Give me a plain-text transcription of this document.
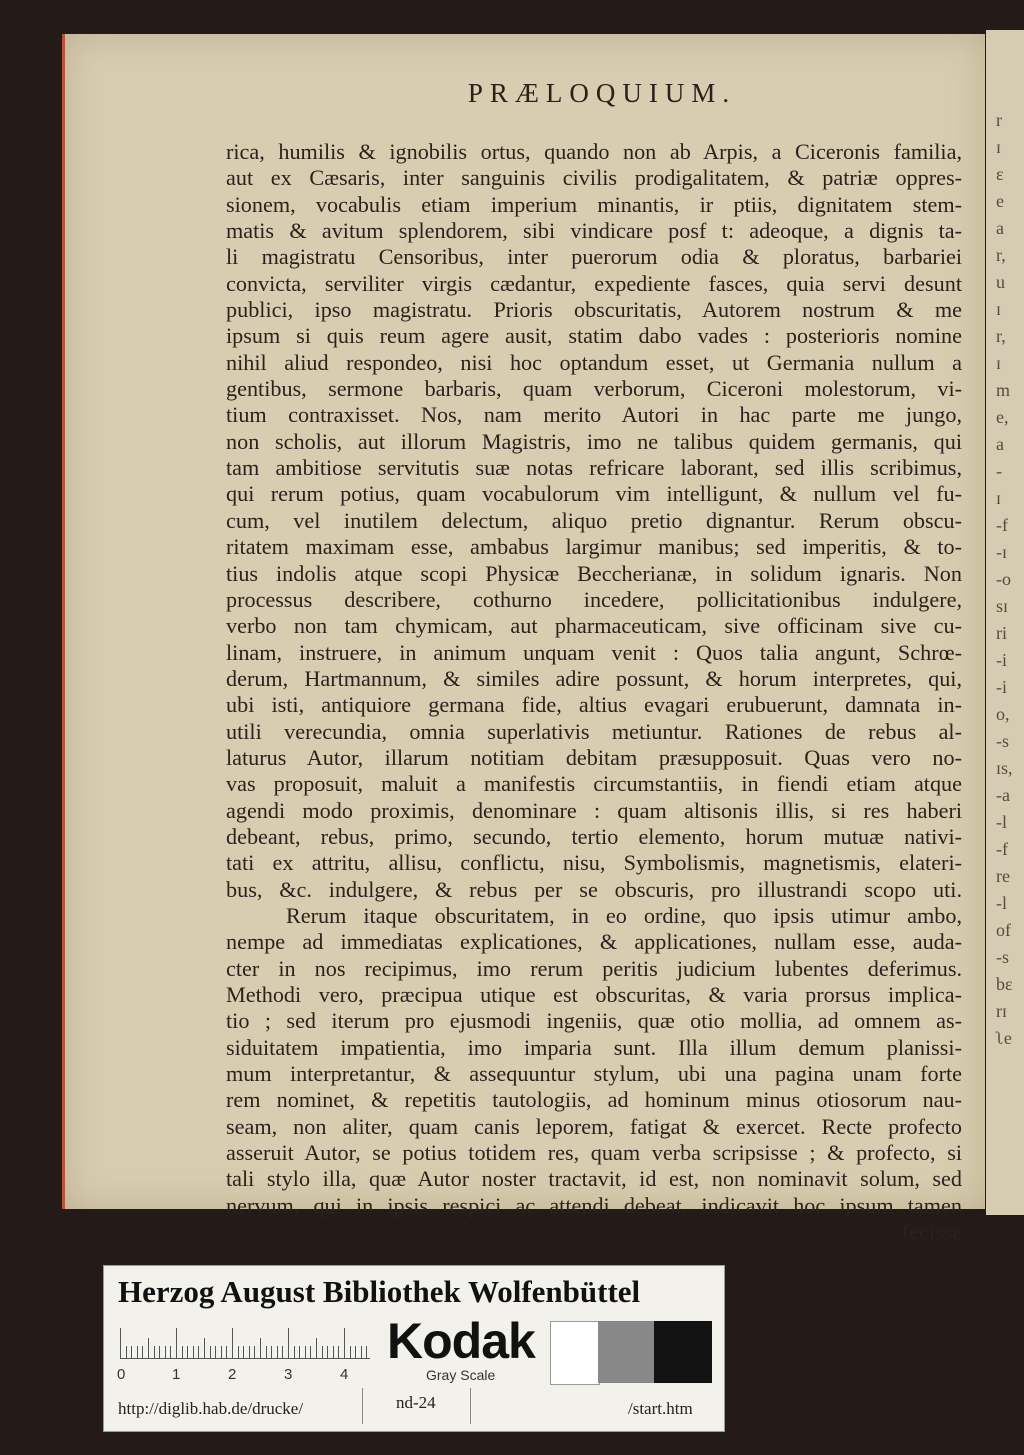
r
ɪ
ɛ
e
a
r,
u
ɪ
r,
ɪ
m
e,
a
-
ɪ
-f
-ɪ
-o
sɪ
ri
-i
-i
o,
-s
ɪs,
-a
-l
-f
re
-l
of
-s
bɛ
rɪ
ʅe
PRÆLOQUIUM.
rica, humilis & ignobilis ortus, quando non ab Arpis, a Ciceronis familia,
aut ex Cæsaris, inter sanguinis civilis prodigalitatem, & patriæ oppres-
sionem, vocabulis etiam imperium minantis, ir ptiis, dignitatem stem-
matis & avitum splendorem, sibi vindicare posf t: adeoque, a dignis ta-
li magistratu Censoribus, inter puerorum odia & ploratus, barbariei
convicta, serviliter virgis cædantur, expediente fasces, quia servi desunt
publici, ipso magistratu. Prioris obscuritatis, Autorem nostrum & me
ipsum si quis reum agere ausit, statim dabo vades : posterioris nomine
nihil aliud respondeo, nisi hoc optandum esset, ut Germania nullum a
gentibus, sermone barbaris, quam verborum, Ciceroni molestorum, vi-
tium contraxisset. Nos, nam merito Autori in hac parte me jungo,
non scholis, aut illorum Magistris, imo ne talibus quidem germanis, qui
tam ambitiose servitutis suæ notas refricare laborant, sed illis scribimus,
qui rerum potius, quam vocabulorum vim intelligunt, & nullum vel fu-
cum, vel inutilem delectum, aliquo pretio dignantur. Rerum obscu-
ritatem maximam esse, ambabus largimur manibus; sed imperitis, & to-
tius indolis atque scopi Physicæ Beccherianæ, in solidum ignaris. Non
processus describere, cothurno incedere, pollicitationibus indulgere,
verbo non tam chymicam, aut pharmaceuticam, sive officinam sive cu-
linam, instruere, in animum unquam venit : Quos talia angunt, Schrœ-
derum, Hartmannum, & similes adire possunt, & horum interpretes, qui,
ubi isti, antiquiore germana fide, altius evagari erubuerunt, damnata in-
utili verecundia, omnia superlativis metiuntur. Rationes de rebus al-
laturus Autor, illarum notitiam debitam præsupposuit. Quas vero no-
vas proposuit, maluit a manifestis circumstantiis, in fiendi etiam atque
agendi modo proximis, denominare : quam altisonis illis, si res haberi
debeant, rebus, primo, secundo, tertio elemento, horum mutuæ nativi-
tati ex attritu, allisu, conflictu, nisu, Symbolismis, magnetismis, elateri-
bus, &c. indulgere, & rebus per se obscuris, pro illustrandi scopo uti.
Rerum itaque obscuritatem, in eo ordine, quo ipsis utimur ambo,
nempe ad immediatas explicationes, & applicationes, nullam esse, auda-
cter in nos recipimus, imo rerum peritis judicium lubentes deferimus.
Methodi vero, præcipua utique est obscuritas, & varia prorsus implica-
tio ; sed iterum pro ejusmodi ingeniis, quæ otio mollia, ad omnem as-
siduitatem impatientia, imo imparia sunt. Illa illum demum planissi-
mum interpretantur, & assequuntur stylum, ubi una pagina unam forte
rem nominet, & repetitis tautologiis, ad hominum minus otiosorum nau-
seam, non aliter, quam canis leporem, fatigat & exercet. Recte profecto
asseruit Autor, se potius totidem res, quam verba scripsisse ; & profecto, si
tali stylo illa, quæ Autor noster tractavit, id est, non nominavit solum, sed
nervum, qui in ipsis respici ac attendi debeat, indicavit hoc ipsum tamen
fecisse
Herzog August Bibliothek Wolfenbüttel
0	1	2	3	4
Kodak
Gray Scale
http://diglib.hab.de/drucke/	nd-24	/start.htm
